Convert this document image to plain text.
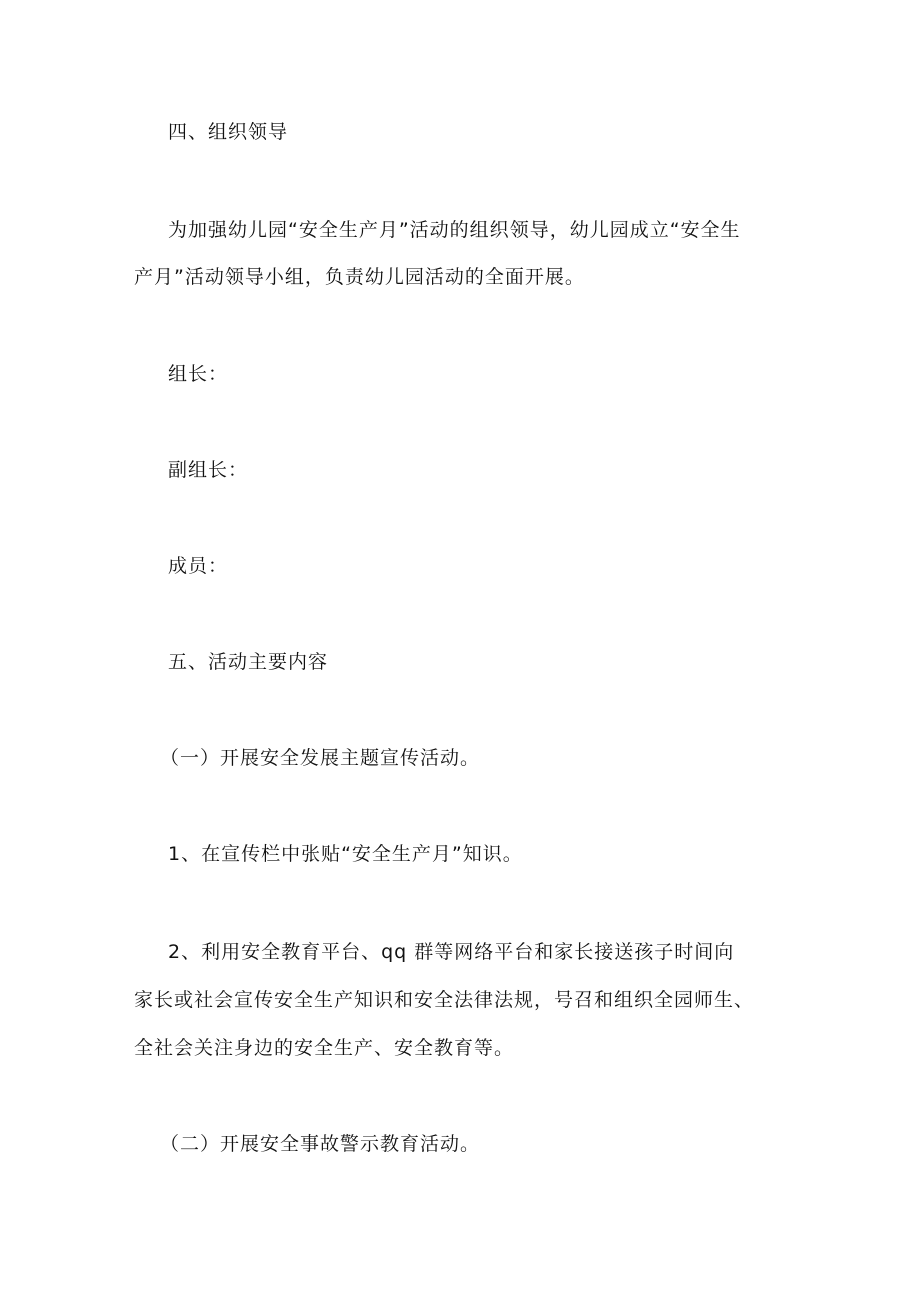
四、组织领导
为加强幼儿园“安全生产月”活动的组织领导，幼儿园成立“安全生
产月”活动领导小组，负责幼儿园活动的全面开展。
组长：
副组长：
成员：
五、活动主要内容
（一）开展安全发展主题宣传活动。
1、在宣传栏中张贴“安全生产月”知识。
2、利用安全教育平台、qq 群等网络平台和家长接送孩子时间向
家长或社会宣传安全生产知识和安全法律法规，号召和组织全园师生、
全社会关注身边的安全生产、安全教育等。
（二）开展安全事故警示教育活动。
